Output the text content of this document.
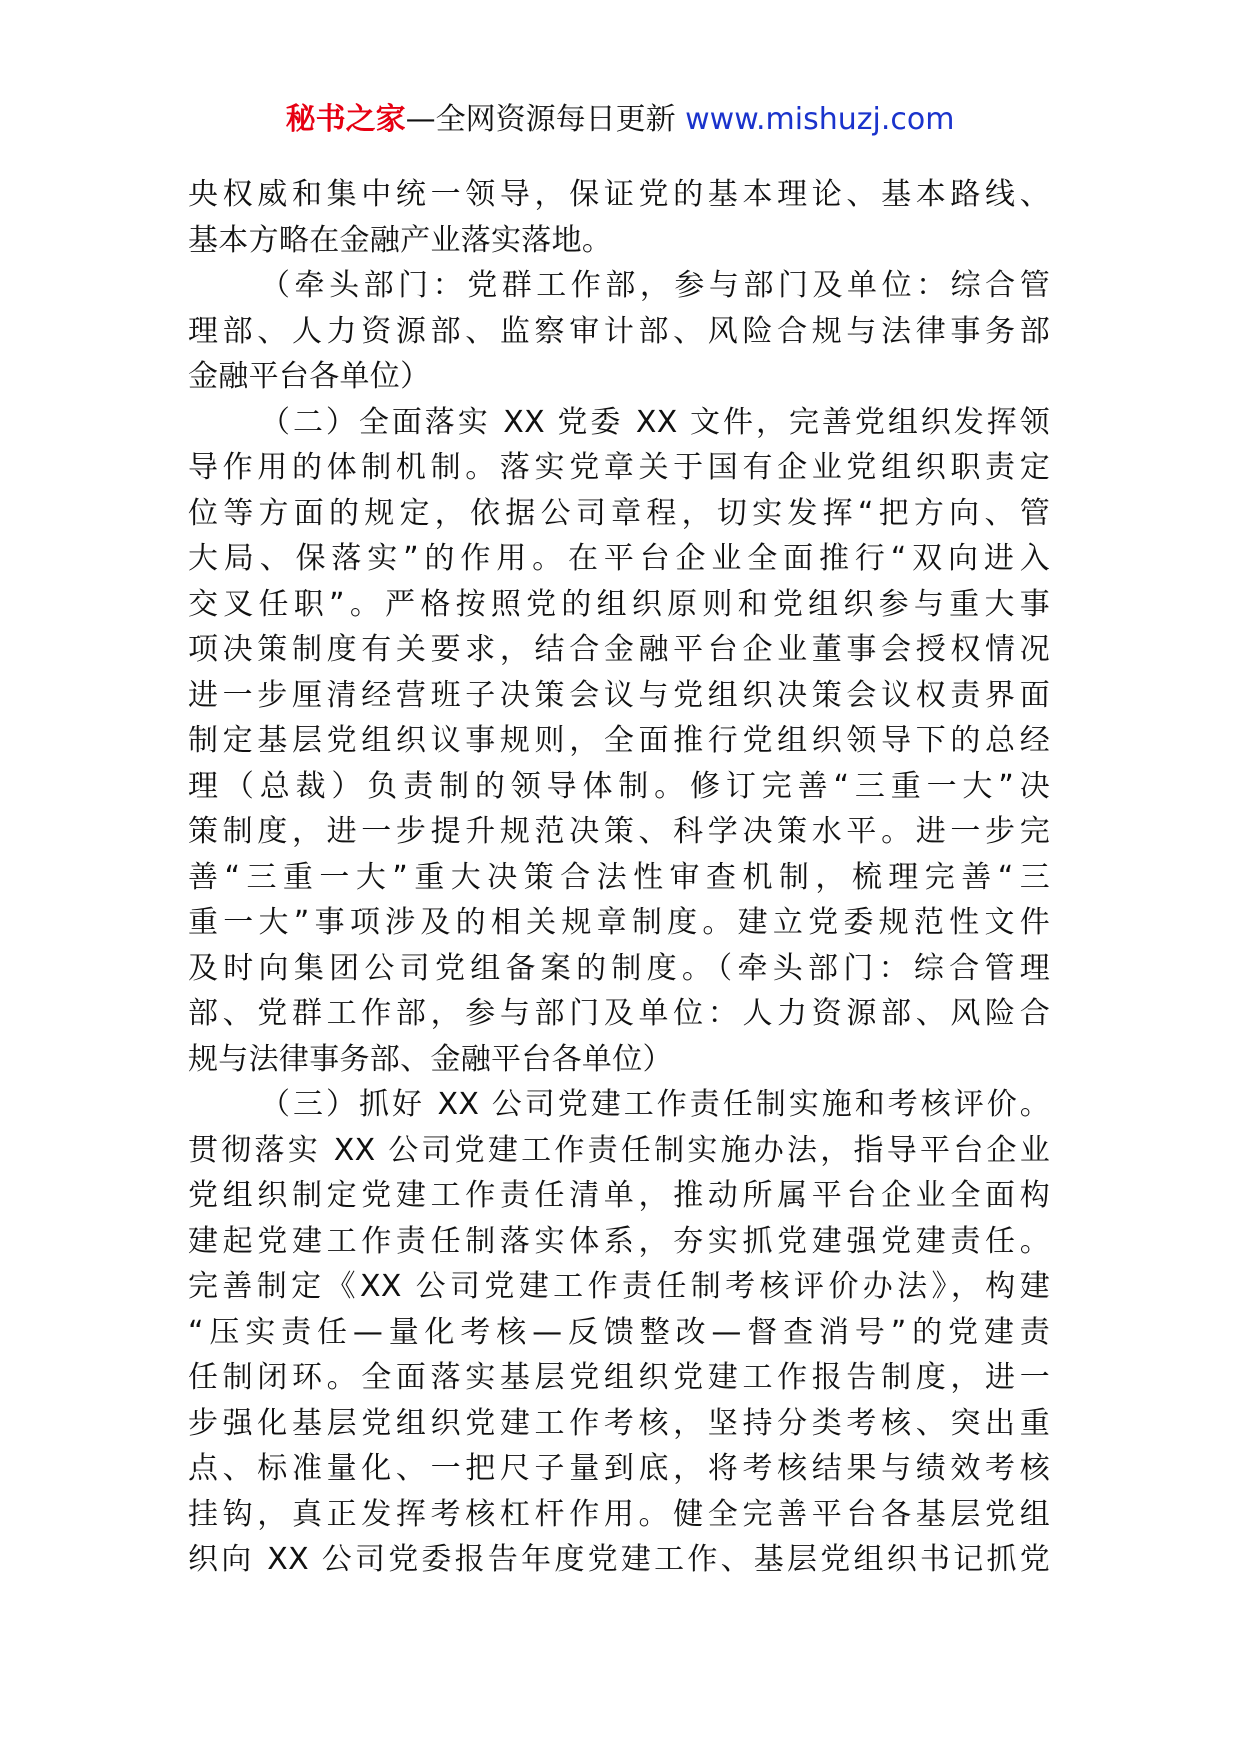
秘书之家—全网资源每日更新 www.mishuzj.com
央权威和集中统一领导，保证党的基本理论、基本路线、
基本方略在金融产业落实落地。
（牵头部门：党群工作部，参与部门及单位：综合管
理部、人力资源部、监察审计部、风险合规与法律事务部
金融平台各单位）
（二）全面落实 XX 党委 XX 文件，完善党组织发挥领
导作用的体制机制。落实党章关于国有企业党组织职责定
位等方面的规定，依据公司章程，切实发挥“把方向、管
大局、保落实”的作用。在平台企业全面推行“双向进入
交叉任职”。严格按照党的组织原则和党组织参与重大事
项决策制度有关要求，结合金融平台企业董事会授权情况
进一步厘清经营班子决策会议与党组织决策会议权责界面
制定基层党组织议事规则，全面推行党组织领导下的总经
理（总裁）负责制的领导体制。修订完善“三重一大”决
策制度，进一步提升规范决策、科学决策水平。进一步完
善“三重一大”重大决策合法性审查机制，梳理完善“三
重一大”事项涉及的相关规章制度。建立党委规范性文件
及时向集团公司党组备案的制度。（牵头部门：综合管理
部、党群工作部，参与部门及单位：人力资源部、风险合
规与法律事务部、金融平台各单位）
（三）抓好 XX 公司党建工作责任制实施和考核评价。
贯彻落实 XX 公司党建工作责任制实施办法，指导平台企业
党组织制定党建工作责任清单，推动所属平台企业全面构
建起党建工作责任制落实体系，夯实抓党建强党建责任。
完善制定《XX 公司党建工作责任制考核评价办法》，构建
“压实责任—量化考核—反馈整改—督查消号”的党建责
任制闭环。全面落实基层党组织党建工作报告制度，进一
步强化基层党组织党建工作考核，坚持分类考核、突出重
点、标准量化、一把尺子量到底，将考核结果与绩效考核
挂钩，真正发挥考核杠杆作用。健全完善平台各基层党组
织向 XX 公司党委报告年度党建工作、基层党组织书记抓党
